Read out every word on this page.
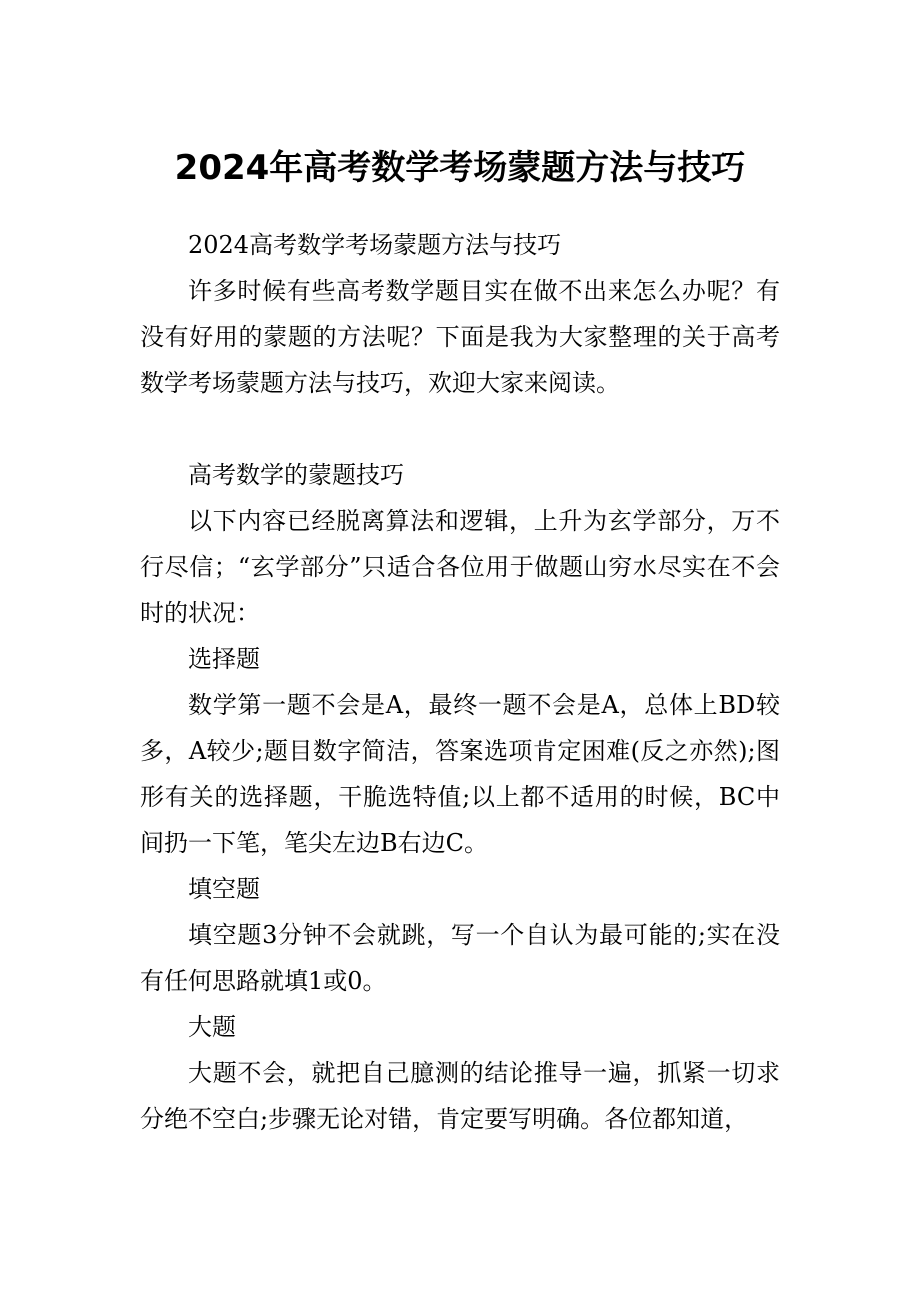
2024年高考数学考场蒙题方法与技巧

2024高考数学考场蒙题方法与技巧

许多时候有些高考数学题目实在做不出来怎么办呢？有没有好用的蒙题的方法呢？下面是我为大家整理的关于高考数学考场蒙题方法与技巧，欢迎大家来阅读。

高考数学的蒙题技巧

以下内容已经脱离算法和逻辑，上升为玄学部分，万不行尽信；“玄学部分”只适合各位用于做题山穷水尽实在不会时的状况：

选择题

数学第一题不会是A，最终一题不会是A，总体上BD较多，A较少;题目数字简洁，答案选项肯定困难(反之亦然);图形有关的选择题，干脆选特值;以上都不适用的时候，BC中间扔一下笔，笔尖左边B右边C。

填空题

填空题3分钟不会就跳，写一个自认为最可能的;实在没有任何思路就填1或0。

大题

大题不会，就把自己臆测的结论推导一遍，抓紧一切求分绝不空白;步骤无论对错，肯定要写明确。各位都知道，
